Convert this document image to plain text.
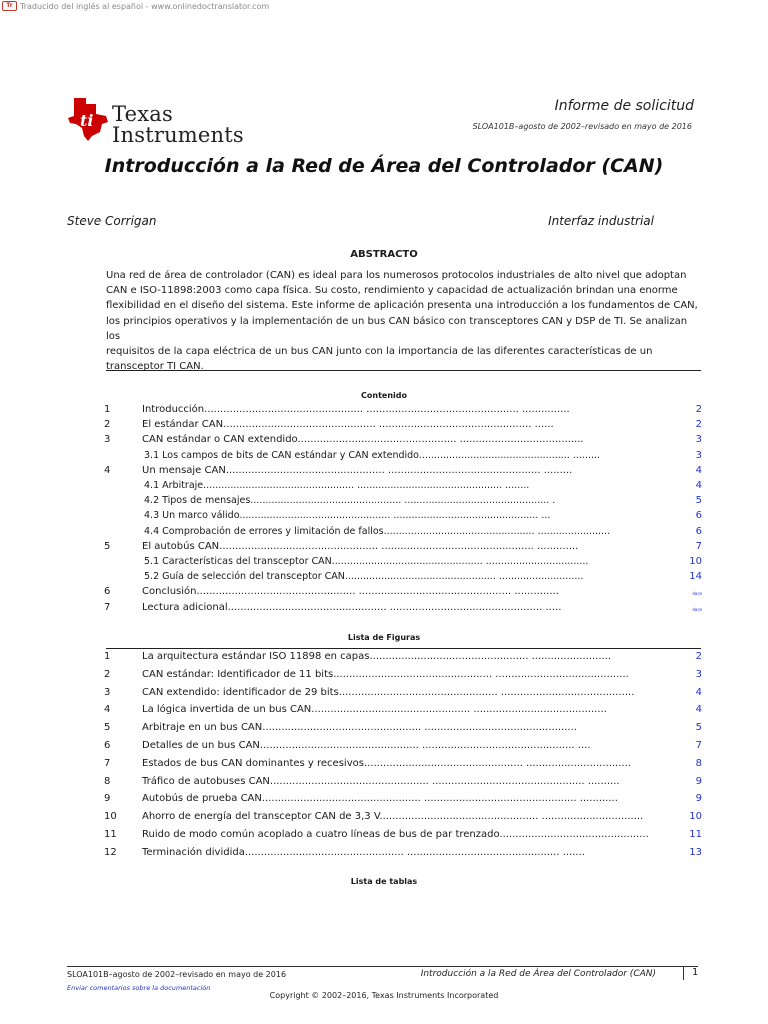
Tr Traducido del inglés al español - www.onlinedoctranslator.com
ti Texas
Instruments
Informe de solicitud
SLOA101B–agosto de 2002–revisado en mayo de 2016
Introducción a la Red de Área del Controlador (CAN)
Steve Corrigan	Interfaz industrial
ABSTRACTO
Una red de área de controlador (CAN) es ideal para los numerosos protocolos industriales de alto nivel que adoptan
CAN e ISO-11898:2003 como capa física. Su costo, rendimiento y capacidad de actualización brindan una enorme
flexibilidad en el diseño del sistema. Este informe de aplicación presenta una introducción a los fundamentos de CAN,
los principios operativos y la implementación de un bus CAN básico con transceptores CAN y DSP de TI. Se analizan los
requisitos de la capa eléctrica de un bus CAN junto con la importancia de las diferentes características de un
transceptor TI CAN.
Contenido
1	Introducción.................................................. ................................................ ...............	2
2	El estándar CAN................................................ ................................................ ......	2
3	CAN estándar o CAN extendido.................................................. .......................................	3
3.1 Los campos de bits de CAN estándar y CAN extendido.................................................. .........	3
4	Un mensaje CAN.................................................. ................................................ .........	4
4.1 Arbitraje.................................................. ................................................ ........	4
4.2 Tipos de mensajes.................................................. ................................................ .	5
4.3 Un marco válido.................................................. ................................................ ...	6
4.4 Comprobación de errores y limitación de fallos.................................................. ........................	6
5	El autobús CAN.................................................. ................................................ .............	7
5.1 Características del transceptor CAN.................................................. ..................................	10
5.2 Guía de selección del transceptor CAN.................................................. ............................	14
6	Conclusión.................................................. ................................................ ..............	doce
7	Lectura adicional.................................................. ................................................ .....	doce
Lista de Figuras
1	La arquitectura estándar ISO 11898 en capas.................................................. .........................	2
2	CAN estándar: Identificador de 11 bits.................................................. ..........................................	3
3	CAN extendido: identificador de 29 bits.................................................. ..........................................	4
4	La lógica invertida de un bus CAN.................................................. ..........................................	4
5	Arbitraje en un bus CAN.................................................. ................................................	5
6	Detalles de un bus CAN.................................................. ................................................ ....	7
7	Estados de bus CAN dominantes y recesivos.................................................. .................................	8
8	Tráfico de autobuses CAN.................................................. ................................................ ..........	9
9	Autobús de prueba CAN.................................................. ................................................ ............	9
10	Ahorro de energía del transceptor CAN de 3,3 V.................................................. ................................	10
11	Ruido de modo común acoplado a cuatro líneas de bus de par trenzado...............................................	11
12	Terminación dividida.................................................. ................................................ .......	13
Lista de tablas
SLOA101B–agosto de 2002–revisado en mayo de 2016	Introducción a la Red de Área del Controlador (CAN)	1
Enviar comentarios sobre la documentación
Copyright © 2002–2016, Texas Instruments Incorporated
